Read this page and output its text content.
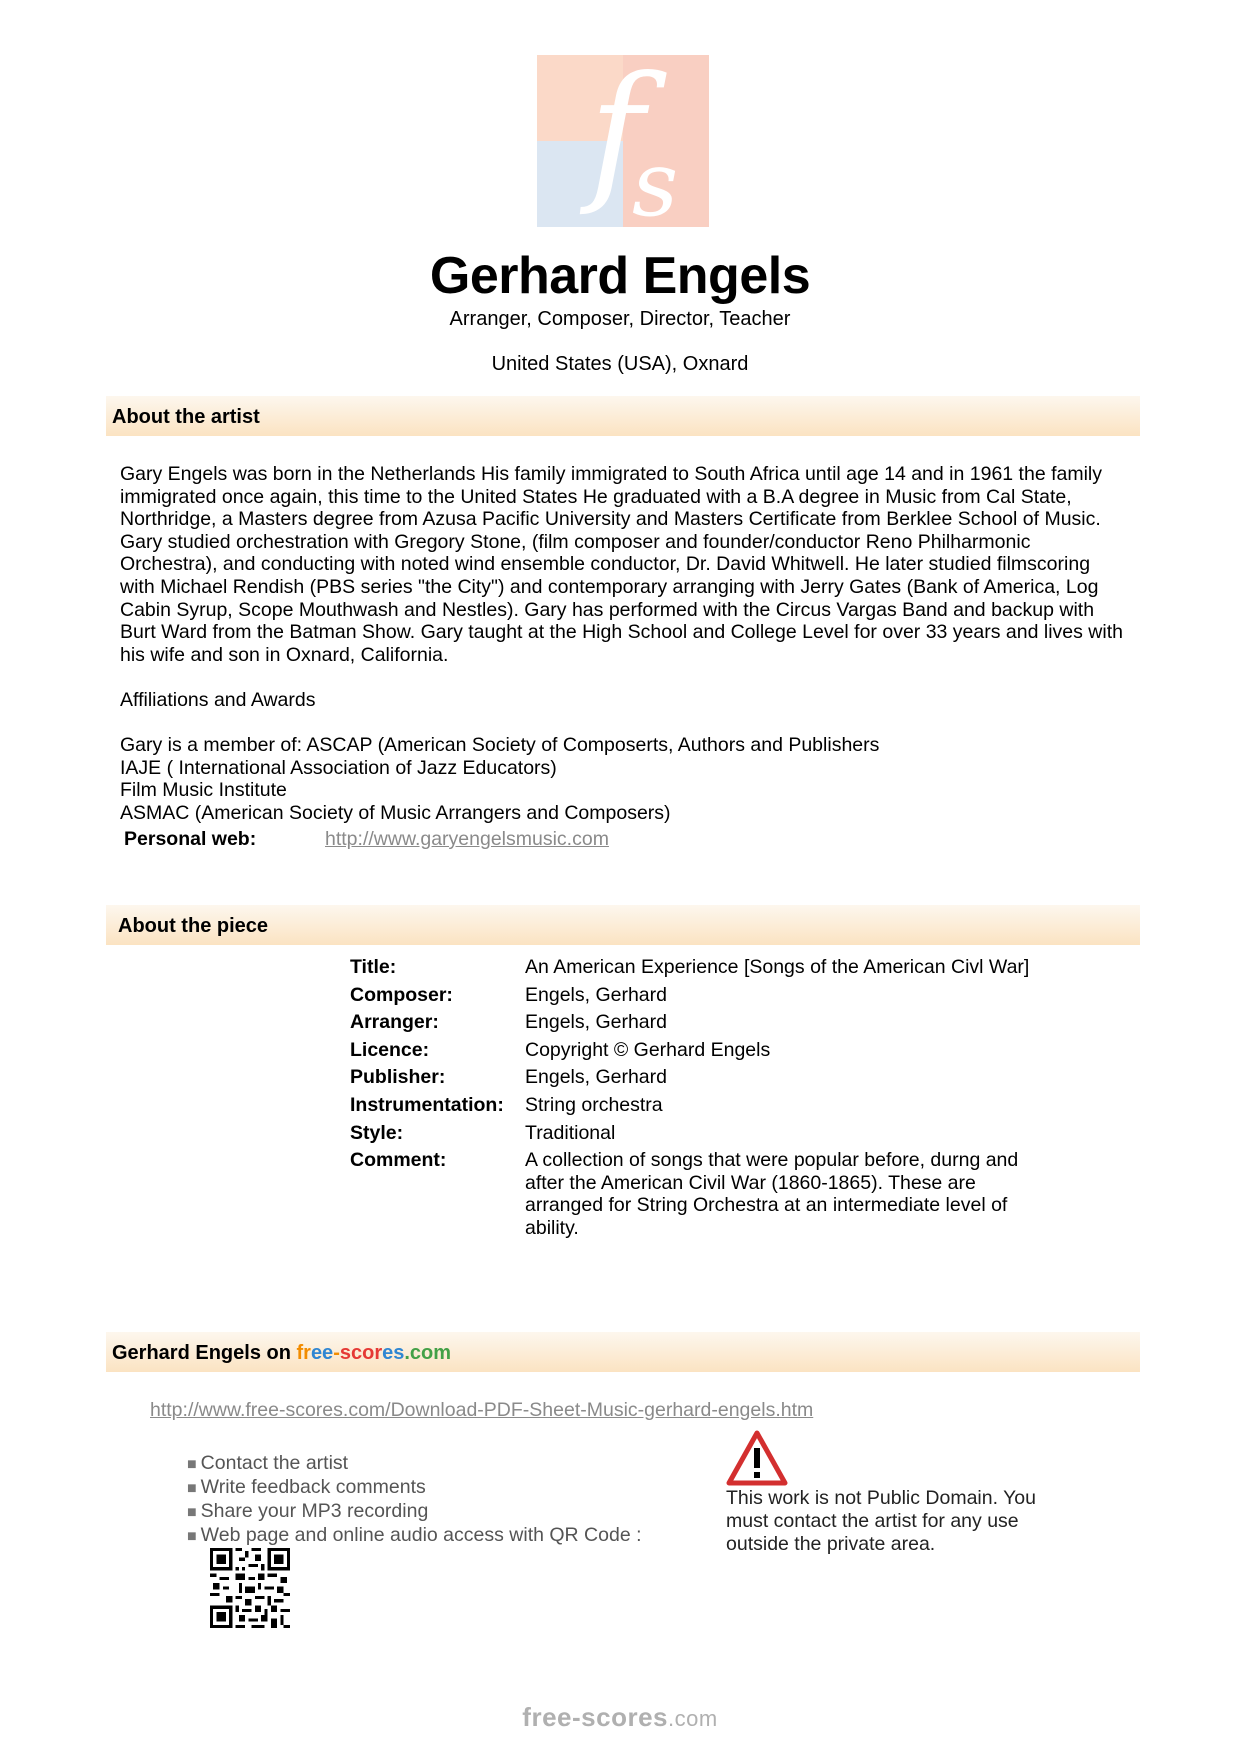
f
s
Gerhard Engels
Arranger, Composer, Director, Teacher
United States (USA), Oxnard
About the artist
Gary Engels was born in the Netherlands His family immigrated to South Africa until age 14 and in 1961 the family immigrated once again, this time to the United States He graduated with a B.A degree in Music from Cal State, Northridge, a Masters degree from Azusa Pacific University and Masters Certificate from Berklee School of Music. Gary studied orchestration with Gregory Stone, (film composer and founder/conductor Reno Philharmonic Orchestra), and conducting with noted wind ensemble conductor, Dr. David Whitwell. He later studied filmscoring with Michael Rendish (PBS series "the City") and contemporary arranging with Jerry Gates (Bank of America, Log Cabin Syrup, Scope Mouthwash and Nestles). Gary has performed with the Circus Vargas Band and backup with Burt Ward from the Batman Show. Gary taught at the High School and College Level for over 33 years and lives with his wife and son in Oxnard, California.
Affiliations and Awards
Gary is a member of: ASCAP (American Society of Composerts, Authors and Publishers
IAJE ( International Association of Jazz Educators)
Film Music Institute
ASMAC (American Society of Music Arrangers and Composers)
Personal web:	http://www.garyengelsmusic.com
About the piece
Title:	An American Experience [Songs of the American Civl War]
Composer:	Engels, Gerhard
Arranger:	Engels, Gerhard
Licence:	Copyright © Gerhard Engels
Publisher:	Engels, Gerhard
Instrumentation:	String orchestra
Style:	Traditional
Comment:	A collection of songs that were popular before, durng and after the American Civil War (1860-1865). These are arranged for String Orchestra at an intermediate level of ability.
Gerhard Engels on free-scores.com
http://www.free-scores.com/Download-PDF-Sheet-Music-gerhard-engels.htm
■ Contact the artist
■ Write feedback comments
■ Share your MP3 recording
■ Web page and online audio access with QR Code :
This work is not Public Domain. You must contact the artist for any use outside the private area.
free-scores.com
